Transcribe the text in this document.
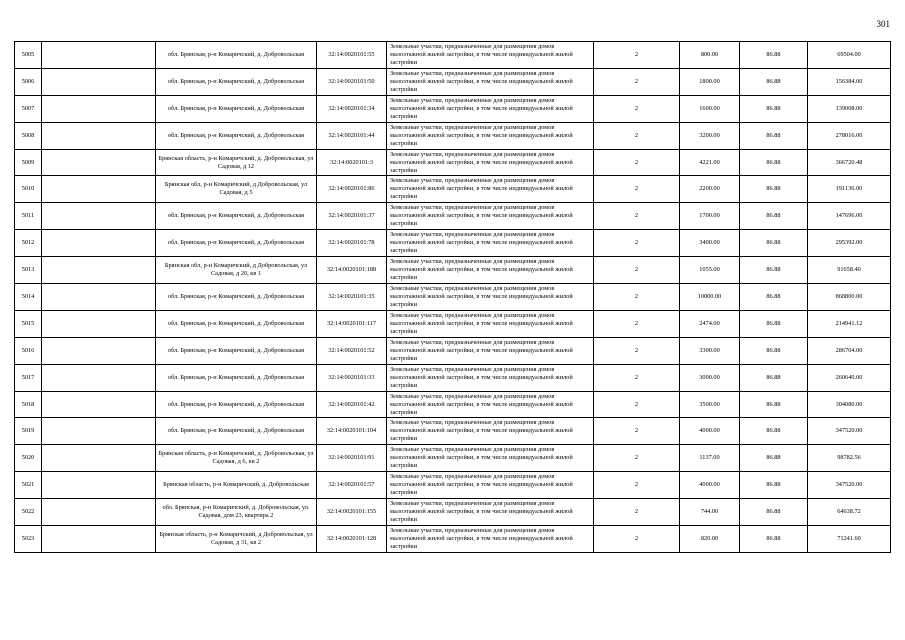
301
5005		обл. Брянская, р-н Комаричский, д. Добровольская	32:14:0020101:55	Земельные участки, предназначенные для размещения домов малоэтажной жилой застройки, в том числе индивидуальной жилой застройки	2	800.00	86.88	69504.00
5006		обл. Брянская, р-н Комаричский, д. Добровольская	32:14:0020101:50	Земельные участки, предназначенные для размещения домов малоэтажной жилой застройки, в том числе индивидуальной жилой застройки	2	1800.00	86.88	156384.00
5007		обл. Брянская, р-н Комаричский, д. Добровольская	32:14:0020101:34	Земельные участки, предназначенные для размещения домов малоэтажной жилой застройки, в том числе индивидуальной жилой застройки	2	1600.00	86.88	139008.00
5008		обл. Брянская, р-н Комаричский, д. Добровольская	32:14:0020101:44	Земельные участки, предназначенные для размещения домов малоэтажной жилой застройки, в том числе индивидуальной жилой застройки	2	3200.00	86.88	278016.00
5009		Брянская область, р-н Комаричский, д. Добровольская, ул Садовая, д 12	32:14:0020101:3	Земельные участки, предназначенные для размещения домов малоэтажной жилой застройки, в том числе индивидуальной жилой застройки	2	4221.00	86.88	366720.48
5010		Брянская обл, р-н Комаричский, д Добровольская, ул Садовая, д 5	32:14:0020101:86	Земельные участки, предназначенные для размещения домов малоэтажной жилой застройки, в том числе индивидуальной жилой застройки	2	2200.00	86.88	191136.00
5011		обл. Брянская, р-н Комаричский, д. Добровольская	32:14:0020101:37	Земельные участки, предназначенные для размещения домов малоэтажной жилой застройки, в том числе индивидуальной жилой застройки	2	1700.00	86.88	147696.00
5012		обл. Брянская, р-н Комаричский, д. Добровольская	32:14:0020101:78	Земельные участки, предназначенные для размещения домов малоэтажной жилой застройки, в том числе индивидуальной жилой застройки	2	3400.00	86.88	295392.00
5013		Брянская обл, р-н Комаричский, д Добровольская, ул Садовая, д 20, кв 1	32:14:0020101:188	Земельные участки, предназначенные для размещения домов малоэтажной жилой застройки, в том числе индивидуальной жилой застройки	2	1055.00	86.88	91658.40
5014		обл. Брянская, р-н Комаричский, д. Добровольская	32:14:0020101:35	Земельные участки, предназначенные для размещения домов малоэтажной жилой застройки, в том числе индивидуальной жилой застройки	2	10000.00	86.88	868800.00
5015		обл. Брянская, р-н Комаричский, д. Добровольская	32:14:0020101:117	Земельные участки, предназначенные для размещения домов малоэтажной жилой застройки, в том числе индивидуальной жилой застройки	2	2474.00	86.88	214941.12
5016		обл. Брянская, р-н Комаричский, д. Добровольская	32:14:0020101:52	Земельные участки, предназначенные для размещения домов малоэтажной жилой застройки, в том числе индивидуальной жилой застройки	2	3300.00	86.88	286704.00
5017		обл. Брянская, р-н Комаричский, д. Добровольская	32:14:0020101:33	Земельные участки, предназначенные для размещения домов малоэтажной жилой застройки, в том числе индивидуальной жилой застройки	2	3000.00	86.88	260640.00
5018		обл. Брянская, р-н Комаричский, д. Добровольская	32:14:0020101:42	Земельные участки, предназначенные для размещения домов малоэтажной жилой застройки, в том числе индивидуальной жилой застройки	2	3500.00	86.88	304080.00
5019		обл. Брянская, р-н Комаричский, д. Добровольская	32:14:0020101:104	Земельные участки, предназначенные для размещения домов малоэтажной жилой застройки, в том числе индивидуальной жилой застройки	2	4000.00	86.88	347520.00
5020		Брянская область, р-н Комаричский, д. Добровольская, ул Садовая, д 6, кв 2	32:14:0020101:91	Земельные участки, предназначенные для размещения домов малоэтажной жилой застройки, в том числе индивидуальной жилой застройки	2	1137.00	86.88	98782.56
5021		Брянская область, р-н Комаричский, д. Добровольская	32:14:0020101:57	Земельные участки, предназначенные для размещения домов малоэтажной жилой застройки, в том числе индивидуальной жилой застройки	2	4000.00	86.88	347520.00
5022		обл. Брянская, р-н Комаричский, д. Добровольская, ул. Садовая, дом 23, квартира 2	32:14:0020101:155	Земельные участки, предназначенные для размещения домов малоэтажной жилой застройки, в том числе индивидуальной жилой застройки	2	744.00	86.88	64638.72
5023		Брянская область, р-н Комаричский, д Добровольская, ул Садовая, д 31, кв 2	32:14:0020101:128	Земельные участки, предназначенные для размещения домов малоэтажной жилой застройки, в том числе индивидуальной жилой застройки	2	820.00	86.88	71241.60
